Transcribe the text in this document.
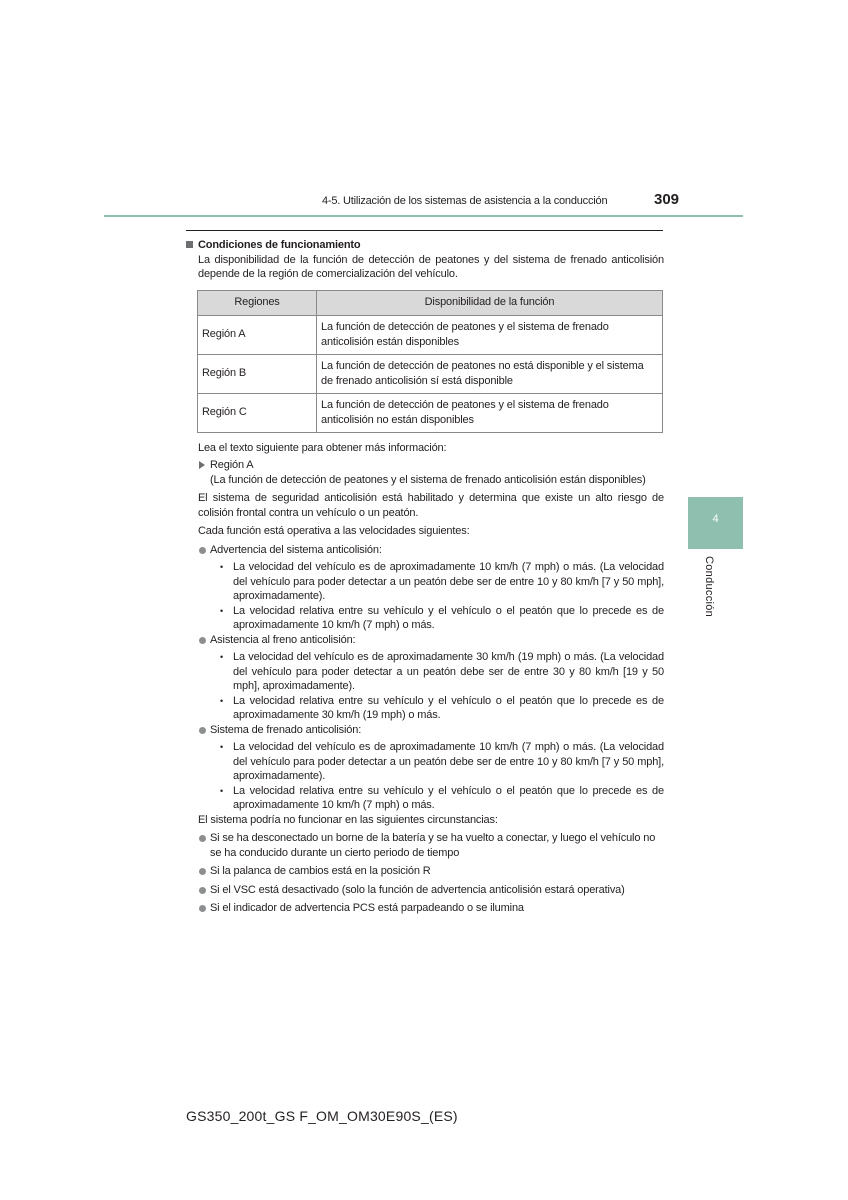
4-5. Utilización de los sistemas de asistencia a la conducción	309
4
Conducción

Condiciones de funcionamiento

La disponibilidad de la función de detección de peatones y del sistema de frenado anticolisión depende de la región de comercialización del vehículo.

Regiones	Disponibilidad de la función
Región A	La función de detección de peatones y el sistema de frenado anticolisión están disponibles
Región B	La función de detección de peatones no está disponible y el sistema de frenado anticolisión sí está disponible
Región C	La función de detección de peatones y el sistema de frenado anticolisión no están disponibles

Lea el texto siguiente para obtener más información:

Región A

(La función de detección de peatones y el sistema de frenado anticolisión están disponibles)

El sistema de seguridad anticolisión está habilitado y determina que existe un alto riesgo de colisión frontal contra un vehículo o un peatón.

Cada función está operativa a las velocidades siguientes:

Advertencia del sistema anticolisión:

• La velocidad del vehículo es de aproximadamente 10 km/h (7 mph) o más. (La velocidad del vehículo para poder detectar a un peatón debe ser de entre 10 y 80 km/h [7 y 50 mph], aproximadamente).

• La velocidad relativa entre su vehículo y el vehículo o el peatón que lo precede es de aproximadamente 10 km/h (7 mph) o más.

Asistencia al freno anticolisión:

• La velocidad del vehículo es de aproximadamente 30 km/h (19 mph) o más. (La velocidad del vehículo para poder detectar a un peatón debe ser de entre 30 y 80 km/h [19 y 50 mph], aproximadamente).

• La velocidad relativa entre su vehículo y el vehículo o el peatón que lo precede es de aproximadamente 30 km/h (19 mph) o más.

Sistema de frenado anticolisión:

• La velocidad del vehículo es de aproximadamente 10 km/h (7 mph) o más. (La velocidad del vehículo para poder detectar a un peatón debe ser de entre 10 y 80 km/h [7 y 50 mph], aproximadamente).

• La velocidad relativa entre su vehículo y el vehículo o el peatón que lo precede es de aproximadamente 10 km/h (7 mph) o más.

El sistema podría no funcionar en las siguientes circunstancias:

Si se ha desconectado un borne de la batería y se ha vuelto a conectar, y luego el vehículo no se ha conducido durante un cierto periodo de tiempo

Si la palanca de cambios está en la posición R

Si el VSC está desactivado (solo la función de advertencia anticolisión estará operativa)

Si el indicador de advertencia PCS está parpadeando o se ilumina

GS350_200t_GS F_OM_OM30E90S_(ES)
